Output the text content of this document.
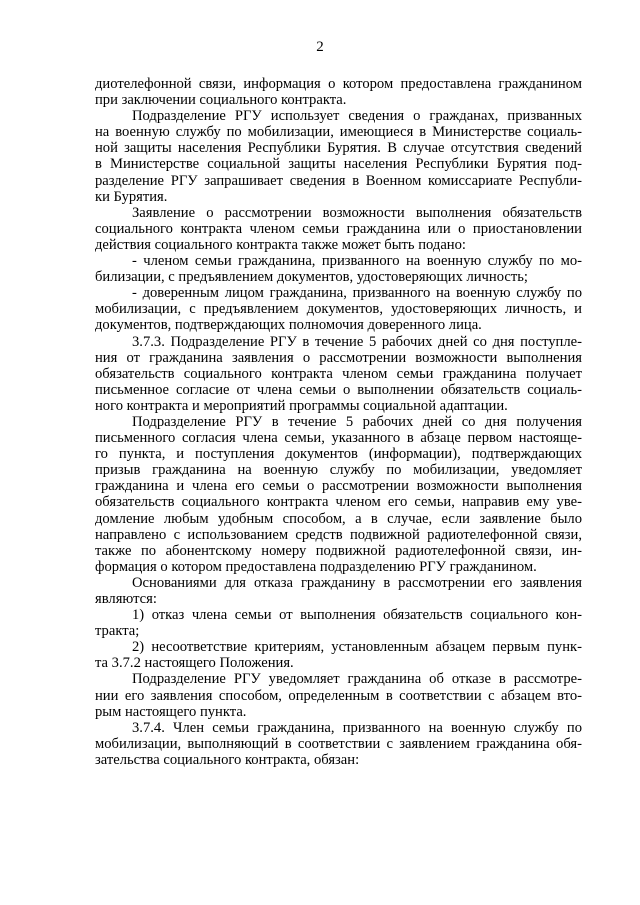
2
диотелефонной связи, информация о котором предоставлена гражданином
при заключении социального контракта.
Подразделение РГУ использует сведения о гражданах, призванных
на военную службу по мобилизации, имеющиеся в Министерстве социаль-
ной защиты населения Республики Бурятия. В случае отсутствия сведений
в Министерстве социальной защиты населения Республики Бурятия под-
разделение РГУ запрашивает сведения в Военном комиссариате Республи-
ки Бурятия.
Заявление о рассмотрении возможности выполнения обязательств
социального контракта членом семьи гражданина или о приостановлении
действия социального контракта также может быть подано:
- членом семьи гражданина, призванного на военную службу по мо-
билизации, с предъявлением документов, удостоверяющих личность;
- доверенным лицом гражданина, призванного на военную службу по
мобилизации, с предъявлением документов, удостоверяющих личность, и
документов, подтверждающих полномочия доверенного лица.
3.7.3. Подразделение РГУ в течение 5 рабочих дней со дня поступле-
ния от гражданина заявления о рассмотрении возможности выполнения
обязательств социального контракта членом семьи гражданина получает
письменное согласие от члена семьи о выполнении обязательств социаль-
ного контракта и мероприятий программы социальной адаптации.
Подразделение РГУ в течение 5 рабочих дней со дня получения
письменного согласия члена семьи, указанного в абзаце первом настояще-
го пункта, и поступления документов (информации), подтверждающих
призыв гражданина на военную службу по мобилизации, уведомляет
гражданина и члена его семьи о рассмотрении возможности выполнения
обязательств социального контракта членом его семьи, направив ему уве-
домление любым удобным способом, а в случае, если заявление было
направлено с использованием средств подвижной радиотелефонной связи,
также по абонентскому номеру подвижной радиотелефонной связи, ин-
формация о котором предоставлена подразделению РГУ гражданином.
Основаниями для отказа гражданину в рассмотрении его заявления
являются:
1) отказ члена семьи от выполнения обязательств социального кон-
тракта;
2) несоответствие критериям, установленным абзацем первым пунк-
та 3.7.2 настоящего Положения.
Подразделение РГУ уведомляет гражданина об отказе в рассмотре-
нии его заявления способом, определенным в соответствии с абзацем вто-
рым настоящего пункта.
3.7.4. Член семьи гражданина, призванного на военную службу по
мобилизации, выполняющий в соответствии с заявлением гражданина обя-
зательства социального контракта, обязан:
